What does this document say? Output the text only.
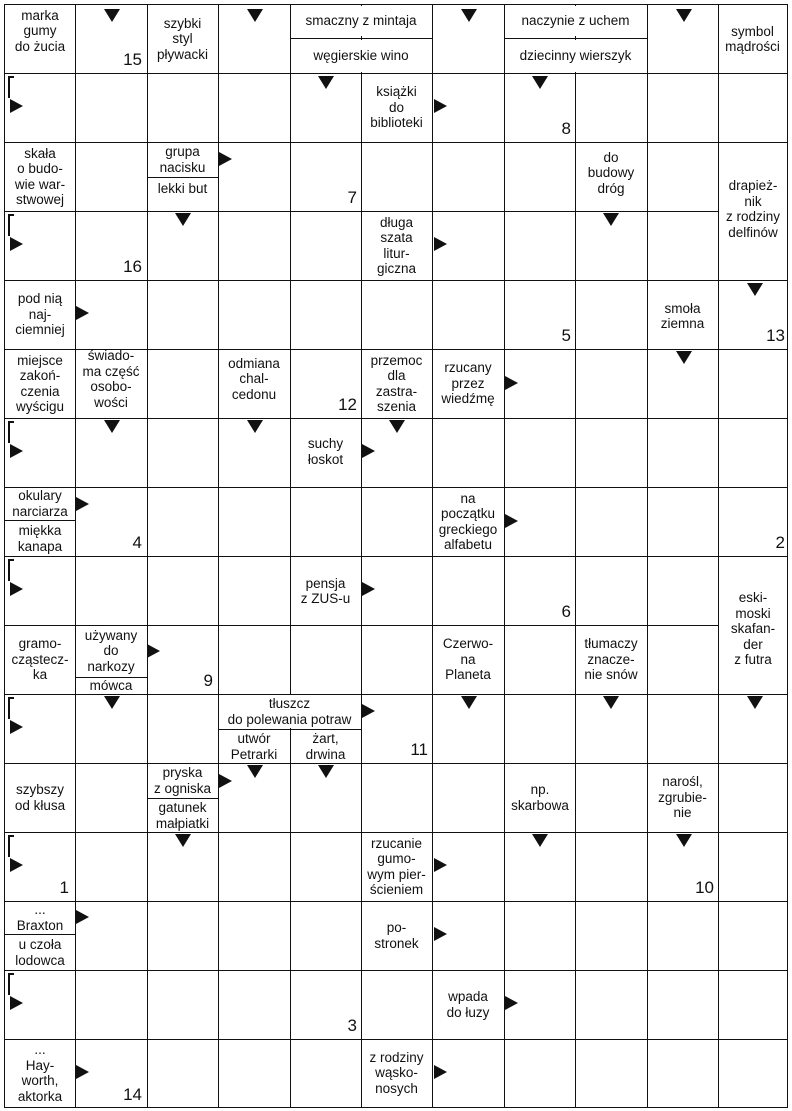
marka
gumy
do żucia
szybki
styl
pływacki
smaczny z mintaja
węgierskie wino
naczynie z uchem
dziecinny wierszyk
symbol
mądrości
książki
do
biblioteki
skała
o budo-
wie war-
stwowej
grupa
nacisku
lekki but
do
budowy
dróg	drapież-
nik
z rodziny
delfinów
długa
szata
litur-
giczna
pod nią
naj-
ciemniej
smoła
ziemna
miejsce
zakoń-
czenia
wyścigu
świado-
ma część
osobo-
wości
odmiana
chal-
cedonu
przemoc
dla
zastra-
szenia
rzucany
przez
wiedźmę
suchy
łoskot
okulary
narciarza
miękka
kanapa
na
początku
greckiego
alfabetu
pensja
z ZUS-u	eski-
moski
skafan-
der
z futra
gramo-
cząstecz-
ka
używany
do
narkozy
mówca
Czerwo-
na
Planeta
tłumaczy
znacze-
nie snów
tłuszcz
do polewania potraw
utwór
Petrarki
żart,
drwina
szybszy
od kłusa
pryska
z ogniska
gatunek
małpiatki
np.
skarbowa
narośl,
zgrubie-
nie
rzucanie
gumo-
wym pier-
ścieniem
...
Braxton
u czoła
lodowca
po-
stronek
wpada
do łuzy
...
Hay-
worth,
aktorka
z rodziny
wąsko-
nosych
15
8
7
16
5	13
12
4	2
6
9
11
1	10
3
14
